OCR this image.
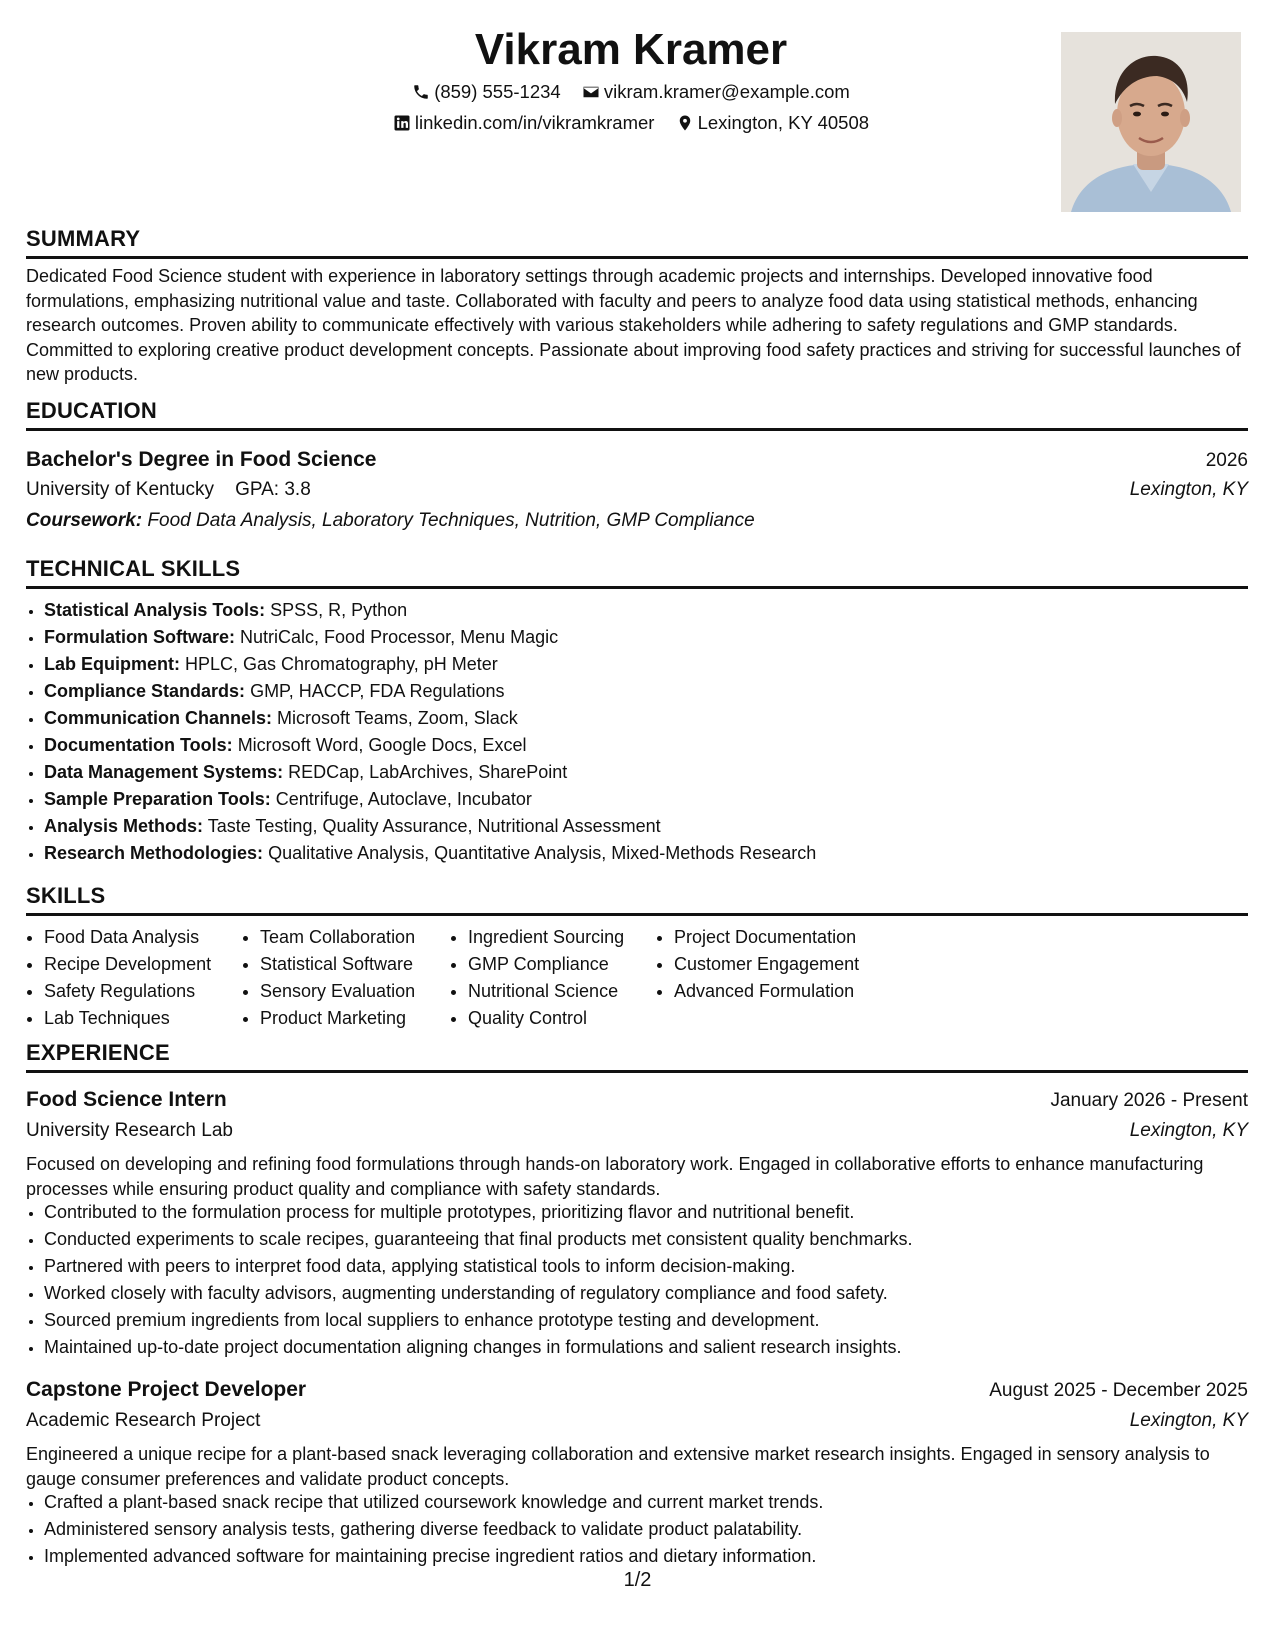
Vikram Kramer
(859) 555-1234
vikram.kramer@example.com
linkedin.com/in/vikramkramer
Lexington, KY 40508
SUMMARY
Dedicated Food Science student with experience in laboratory settings through academic projects and internships. Developed innovative food formulations, emphasizing nutritional value and taste. Collaborated with faculty and peers to analyze food data using statistical methods, enhancing research outcomes. Proven ability to communicate effectively with various stakeholders while adhering to safety regulations and GMP standards. Committed to exploring creative product development concepts. Passionate about improving food safety practices and striving for successful launches of new products.
EDUCATION
Bachelor's Degree in Food Science	2026
University of Kentucky GPA: 3.8	Lexington, KY
Coursework: Food Data Analysis, Laboratory Techniques, Nutrition, GMP Compliance
TECHNICAL SKILLS
• Statistical Analysis Tools: SPSS, R, Python
• Formulation Software: NutriCalc, Food Processor, Menu Magic
• Lab Equipment: HPLC, Gas Chromatography, pH Meter
• Compliance Standards: GMP, HACCP, FDA Regulations
• Communication Channels: Microsoft Teams, Zoom, Slack
• Documentation Tools: Microsoft Word, Google Docs, Excel
• Data Management Systems: REDCap, LabArchives, SharePoint
• Sample Preparation Tools: Centrifuge, Autoclave, Incubator
• Analysis Methods: Taste Testing, Quality Assurance, Nutritional Assessment
• Research Methodologies: Qualitative Analysis, Quantitative Analysis, Mixed-Methods Research
SKILLS
• Food Data Analysis
• Recipe Development
• Safety Regulations
• Lab Techniques
• Team Collaboration
• Statistical Software
• Sensory Evaluation
• Product Marketing
• Ingredient Sourcing
• GMP Compliance
• Nutritional Science
• Quality Control
• Project Documentation
• Customer Engagement
• Advanced Formulation
EXPERIENCE
Food Science Intern	January 2026 - Present
University Research Lab	Lexington, KY
Focused on developing and refining food formulations through hands-on laboratory work. Engaged in collaborative efforts to enhance manufacturing processes while ensuring product quality and compliance with safety standards.
• Contributed to the formulation process for multiple prototypes, prioritizing flavor and nutritional benefit.
• Conducted experiments to scale recipes, guaranteeing that final products met consistent quality benchmarks.
• Partnered with peers to interpret food data, applying statistical tools to inform decision-making.
• Worked closely with faculty advisors, augmenting understanding of regulatory compliance and food safety.
• Sourced premium ingredients from local suppliers to enhance prototype testing and development.
• Maintained up-to-date project documentation aligning changes in formulations and salient research insights.
Capstone Project Developer	August 2025 - December 2025
Academic Research Project	Lexington, KY
Engineered a unique recipe for a plant-based snack leveraging collaboration and extensive market research insights. Engaged in sensory analysis to gauge consumer preferences and validate product concepts.
• Crafted a plant-based snack recipe that utilized coursework knowledge and current market trends.
• Administered sensory analysis tests, gathering diverse feedback to validate product palatability.
• Implemented advanced software for maintaining precise ingredient ratios and dietary information.
1/2
